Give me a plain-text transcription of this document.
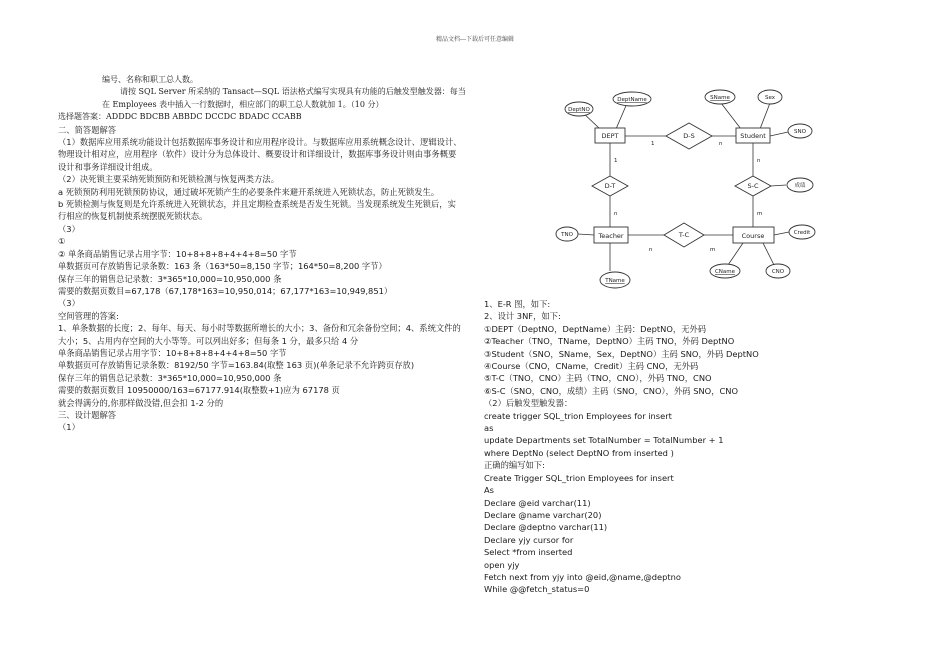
精品文档---下载后可任意编辑
编号、名称和职工总人数。
请按 SQL Server 所采纳的 Tansact—SQL 语法格式编写实现具有功能的后触发型触发器：每当
在 Employees 表中插入一行数据时，相应部门的职工总人数就加 1。（10 分）
选择题答案：ADDDC BDCBB ABBDC DCCDC BDADC CCABB
二、简答题解答
（1）数据库应用系统功能设计包括数据库事务设计和应用程序设计。与数据库应用系统概念设计、逻辑设计、物理设计相对应，应用程序（软件）设计分为总体设计、概要设计和详细设计，数据库事务设计则由事务概要设计和事务详细设计组成。
（2）决死锁主要采纳死锁预防和死锁检测与恢复两类方法。
a 死锁预防利用死锁预防协议，通过破坏死锁产生的必要条件来避开系统进入死锁状态，防止死锁发生。
b 死锁检测与恢复则是允许系统进入死锁状态，并且定期检查系统是否发生死锁。当发现系统发生死锁后，实行相应的恢复机制使系统摆脱死锁状态。
（3）
①
② 单条商品销售记录占用字节：10+8+8+8+4+4+8=50 字节
单数据页可存放销售记录条数：163 条（163*50=8,150 字节；164*50=8,200 字节）
保存三年的销售总记录数：3*365*10,000=10,950,000 条
需要的数据页数目=67,178（67,178*163=10,950,014；67,177*163=10,949,851）
（3）
空间管理的答案:
1、单条数据的长度；2、每年、每天、每小时等数据所增长的大小；3、备份和冗余备份空间；4、系统文件的大小；5、占用内存空间的大小等等。可以列出好多；但每条 1 分，最多只给 4 分
单条商品销售记录占用字节：10+8+8+8+4+4+8=50 字节
单数据页可存放销售记录条数：8192/50 字节=163.84(取整 163 页)(单条记录不允许跨页存放)
保存三年的销售总记录数：3*365*10,000=10,950,000 条
需要的数据页数目 10950000/163=67177.914(取整数+1)应为 67178 页
就会得满分的,你那样做没错,但会扣 1-2 分的
三、设计题解答
（1）
DEPT	Student
Teacher	Course
D-S
D-T	S-C
T-C
DeptNO
DeptName	SName	Sex
SNO
成绩
TNO	Credit
TName
CName	CNO
1	n
1
n
n
m
n	m
1、E-R 图，如下:
2、设计 3NF，如下:
①DEPT（DeptNO，DeptName）主码：DeptNO，无外码
②Teacher（TNO，TName，DeptNO）主码 TNO，外码 DeptNO
③Student（SNO，SName，Sex，DeptNO）主码 SNO，外码 DeptNO
④Course（CNO，CName，Credit）主码 CNO，无外码
⑤T-C（TNO，CNO）主码（TNO，CNO），外码 TNO，CNO
⑥S-C（SNO，CNO，成绩）主码（SNO，CNO），外码 SNO，CNO
（2）后触发型触发器：
create trigger SQL_trion Employees for insert
as
update Departments set TotalNumber = TotalNumber + 1
where DeptNo (select DeptNO from inserted )
正确的编写如下:
Create Trigger SQL_trion Employees for insert
As
Declare @eid varchar(11)
Declare @name varchar(20)
Declare @deptno varchar(11)
Declare yjy cursor for
Select *from inserted
open yjy
Fetch next from yjy into @eid,@name,@deptno
While @@fetch_status=0
